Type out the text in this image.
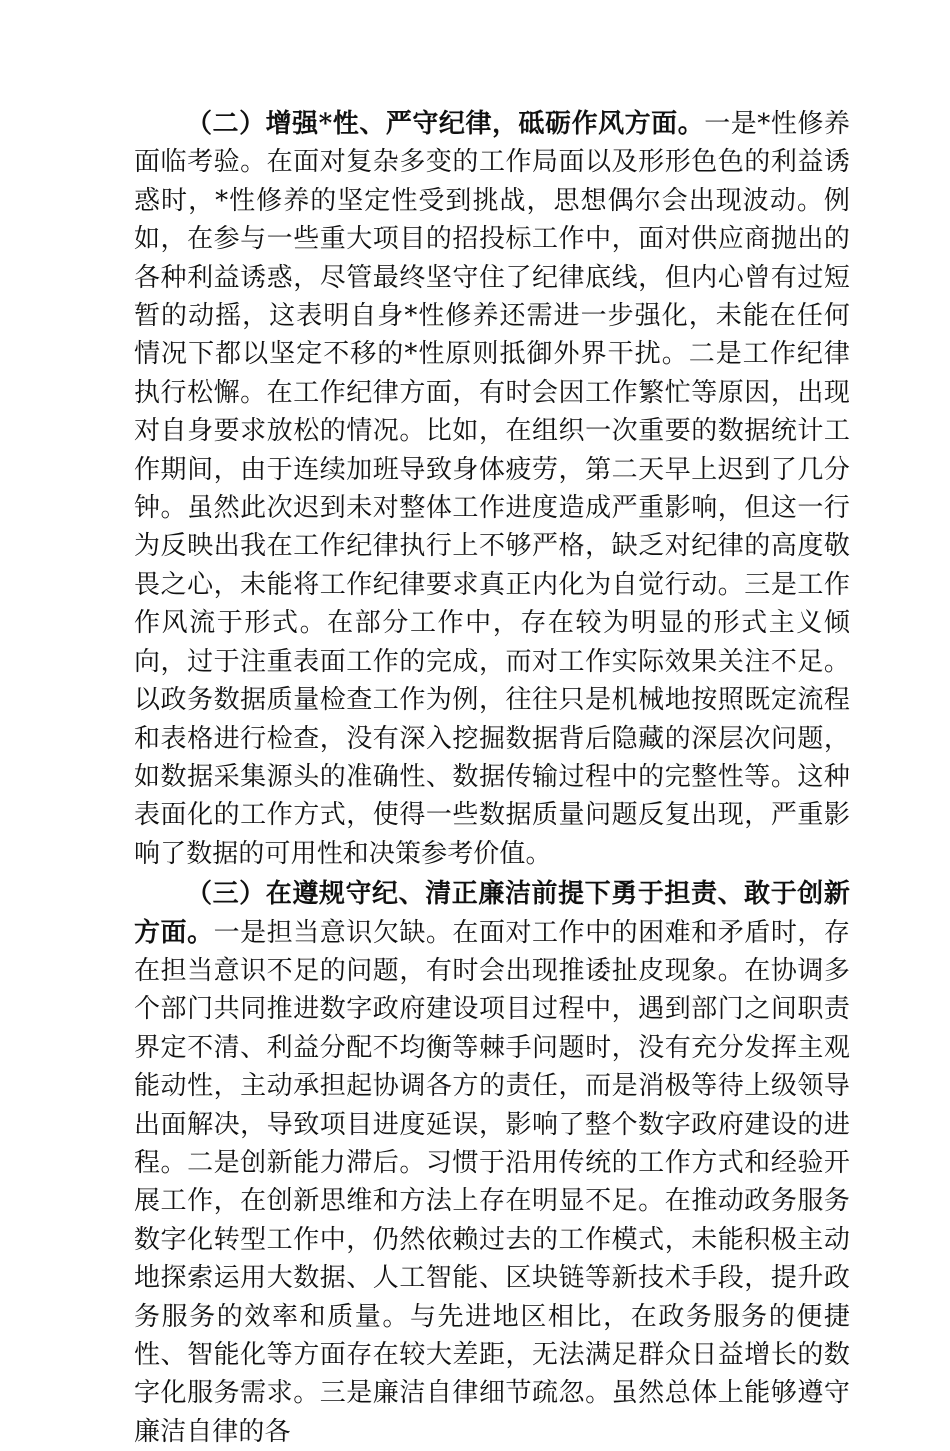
（二）增强*性、严守纪律，砥砺作风方面。一是*性修养面临考验。在面对复杂多变的工作局面以及形形色色的利益诱惑时，*性修养的坚定性受到挑战，思想偶尔会出现波动。例如，在参与一些重大项目的招投标工作中，面对供应商抛出的各种利益诱惑，尽管最终坚守住了纪律底线，但内心曾有过短暂的动摇，这表明自身*性修养还需进一步强化，未能在任何情况下都以坚定不移的*性原则抵御外界干扰。二是工作纪律执行松懈。在工作纪律方面，有时会因工作繁忙等原因，出现对自身要求放松的情况。比如，在组织一次重要的数据统计工作期间，由于连续加班导致身体疲劳，第二天早上迟到了几分钟。虽然此次迟到未对整体工作进度造成严重影响，但这一行为反映出我在工作纪律执行上不够严格，缺乏对纪律的高度敬畏之心，未能将工作纪律要求真正内化为自觉行动。三是工作作风流于形式。在部分工作中，存在较为明显的形式主义倾向，过于注重表面工作的完成，而对工作实际效果关注不足。以政务数据质量检查工作为例，往往只是机械地按照既定流程和表格进行检查，没有深入挖掘数据背后隐藏的深层次问题，如数据采集源头的准确性、数据传输过程中的完整性等。这种表面化的工作方式，使得一些数据质量问题反复出现，严重影响了数据的可用性和决策参考价值。

（三）在遵规守纪、清正廉洁前提下勇于担责、敢于创新方面。一是担当意识欠缺。在面对工作中的困难和矛盾时，存在担当意识不足的问题，有时会出现推诿扯皮现象。在协调多个部门共同推进数字政府建设项目过程中，遇到部门之间职责界定不清、利益分配不均衡等棘手问题时，没有充分发挥主观能动性，主动承担起协调各方的责任，而是消极等待上级领导出面解决，导致项目进度延误，影响了整个数字政府建设的进程。二是创新能力滞后。习惯于沿用传统的工作方式和经验开展工作，在创新思维和方法上存在明显不足。在推动政务服务数字化转型工作中，仍然依赖过去的工作模式，未能积极主动地探索运用大数据、人工智能、区块链等新技术手段，提升政务服务的效率和质量。与先进地区相比，在政务服务的便捷性、智能化等方面存在较大差距，无法满足群众日益增长的数字化服务需求。三是廉洁自律细节疏忽。虽然总体上能够遵守廉洁自律的各
